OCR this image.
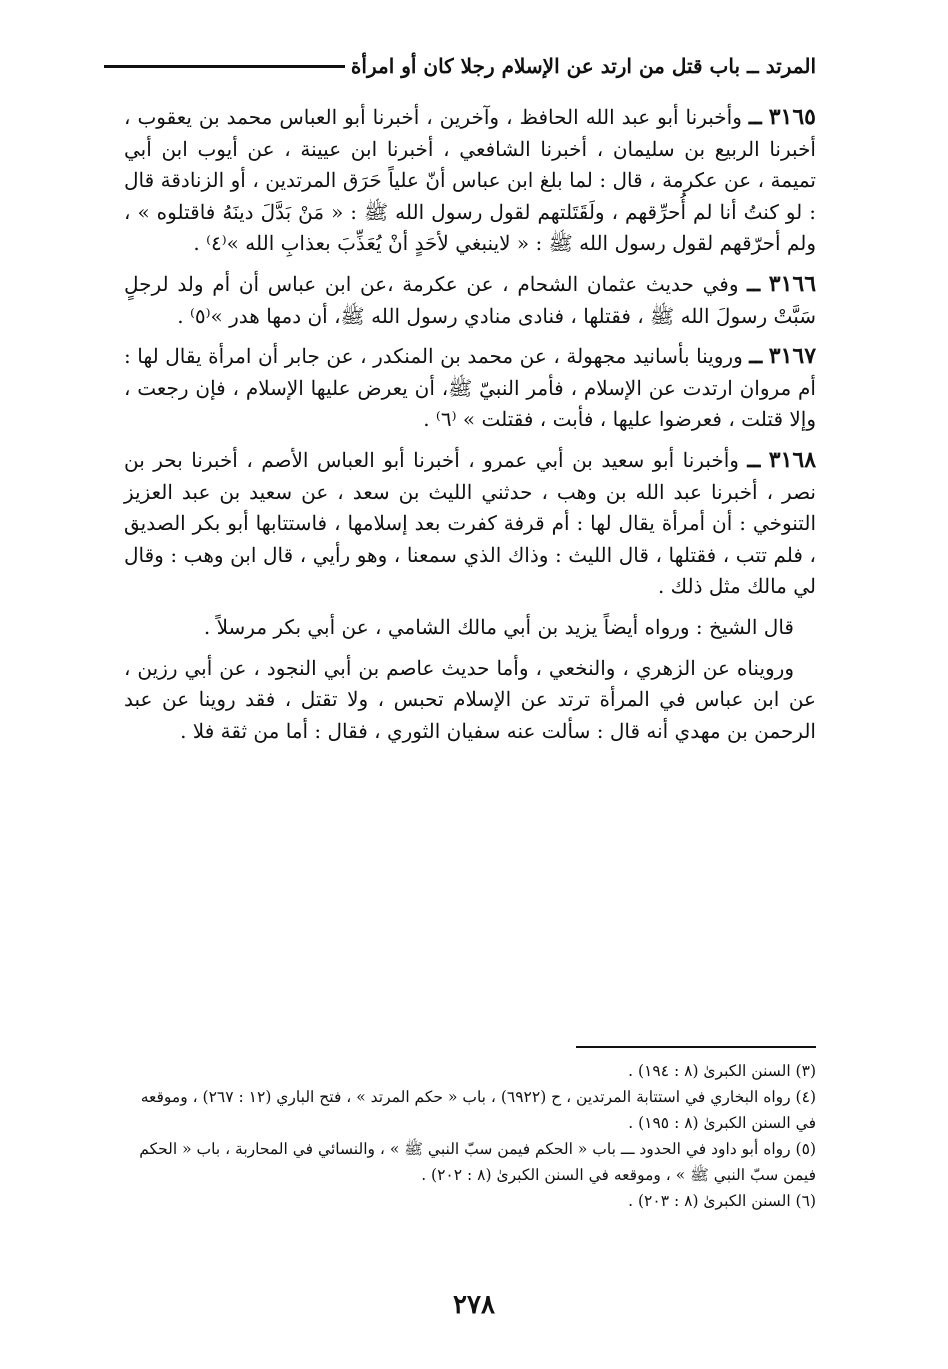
المرتد ــ باب قتل من ارتد عن الإسلام رجلا كان أو امرأة

٣١٦٥ ــ وأخبرنا أبو عبد الله الحافظ ، وآخرين ، أخبرنا أبو العباس محمد بن يعقوب ، أخبرنا الربيع بن سليمان ، أخبرنا الشافعي ، أخبرنا ابن عيينة ، عن أيوب ابن أبي تميمة ، عن عكرمة ، قال : لما بلغ ابن عباس أنّ علياً حَرَق المرتدين ، أو الزنادقة قال : لو كنتُ أنا لم أُحرِّقهم ، ولَقَتَلتهم لقول رسول الله ﷺ : « مَنْ بَدَّلَ دينَهُ فاقتلوه » ، ولم أحرّقهم لقول رسول الله ﷺ : « لاينبغي لأحَدٍ أنْ يُعَذِّبَ بعذابِ الله »⁽٤⁾ .

٣١٦٦ ــ وفي حديث عثمان الشحام ، عن عكرمة ،عن ابن عباس أن أم ولد لرجلٍ سَبَّتْ رسولَ الله ﷺ ، فقتلها ، فنادى منادي رسول الله ﷺ، أن دمها هدر »⁽٥⁾ .

٣١٦٧ ــ وروينا بأسانيد مجهولة ، عن محمد بن المنكدر ، عن جابر أن امرأة يقال لها : أم مروان ارتدت عن الإسلام ، فأمر النبيّ ﷺ، أن يعرض عليها الإسلام ، فإن رجعت ، وإلا قتلت ، فعرضوا عليها ، فأبت ، فقتلت » ⁽٦⁾ .

٣١٦٨ ــ وأخبرنا أبو سعيد بن أبي عمرو ، أخبرنا أبو العباس الأصم ، أخبرنا بحر بن نصر ، أخبرنا عبد الله بن وهب ، حدثني الليث بن سعد ، عن سعيد بن عبد العزيز التنوخي : أن أمرأة يقال لها : أم قرفة كفرت بعد إسلامها ، فاستتابها أبو بكر الصديق ، فلم تتب ، فقتلها ، قال الليث : وذاك الذي سمعنا ، وهو رأيي ، قال ابن وهب : وقال لي مالك مثل ذلك .

قال الشيخ : ورواه أيضاً يزيد بن أبي مالك الشامي ، عن أبي بكر مرسلاً .

ورويناه عن الزهري ، والنخعي ، وأما حديث عاصم بن أبي النجود ، عن أبي رزين ، عن ابن عباس في المرأة ترتد عن الإسلام تحبس ، ولا تقتل ، فقد روينا عن عبد الرحمن بن مهدي أنه قال : سألت عنه سفيان الثوري ، فقال : أما من ثقة فلا .

(٣) السنن الكبرىٰ (٨ : ١٩٤) .

(٤) رواه البخاري في استتابة المرتدين ، ح (٦٩٢٢) ، باب « حكم المرتد » ، فتح الباري (١٢ : ٢٦٧) ، وموقعه في السنن الكبرىٰ (٨ : ١٩٥) .

(٥) رواه أبو داود في الحدود ـــ باب « الحكم فيمن سبّ النبي ﷺ » ، والنسائي في المحاربة ، باب « الحكم فيمن سبّ النبي ﷺ » ، وموقعه في السنن الكبرىٰ (٨ : ٢٠٢) .

(٦) السنن الكبرىٰ (٨ : ٢٠٣) .

٢٧٨
